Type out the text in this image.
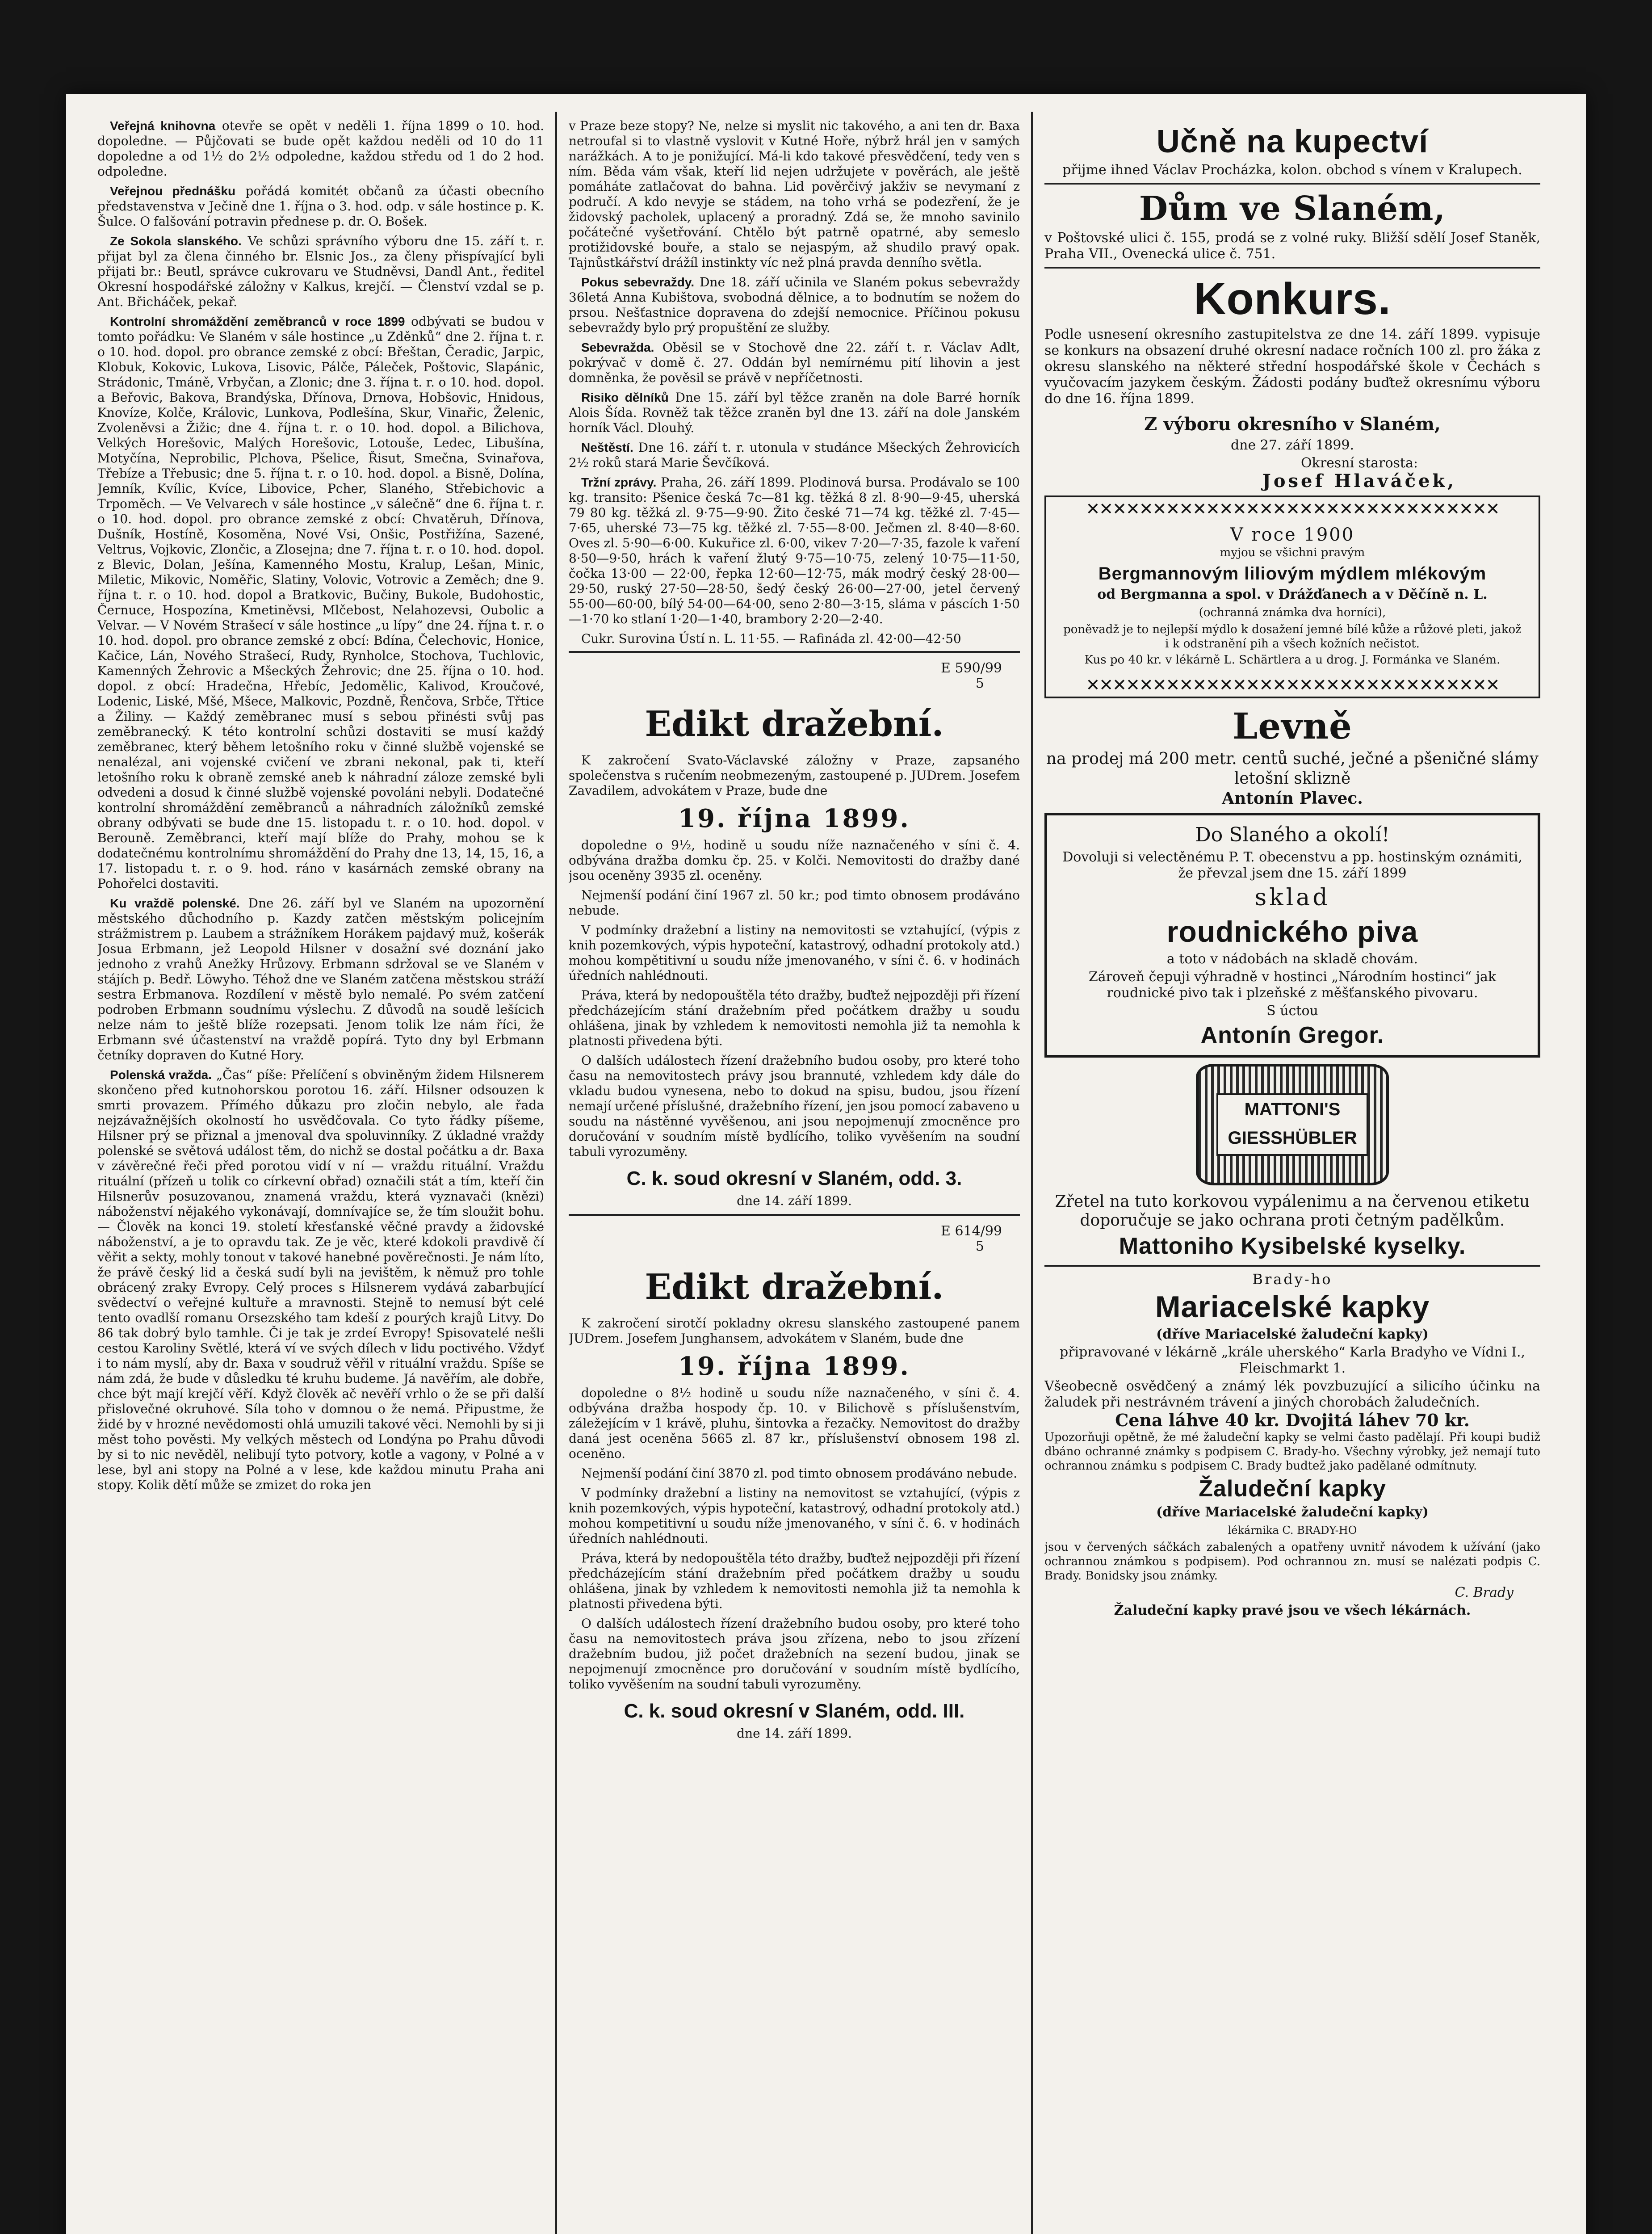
Veřejná knihovna otevře se opět v neděli 1. října 1899 o 10. hod. dopoledne. — Půjčovati se bude opět každou neděli od 10 do 11 dopoledne a od 1½ do 2½ odpoledne, každou středu od 1 do 2 hod. odpoledne.

Veřejnou přednášku pořádá komitét občanů za účasti obecního představenstva v Ječině dne 1. října o 3. hod. odp. v sále hostince p. K. Šulce. O falšování potravin přednese p. dr. O. Bošek.

Ze Sokola slanského. Ve schůzi správního výboru dne 15. září t. r. přijat byl za člena činného br. Elsnic Jos., za členy přispívající byli přijati br.: Beutl, správce cukrovaru ve Studněvsi, Dandl Ant., ředitel Okresní hospodářské záložny v Kalkus, krejčí. — Členství vzdal se p. Ant. Břicháček, pekař.

Kontrolní shromáždění zeměbranců v roce 1899 odbývati se budou v tomto pořádku: Ve Slaném v sále hostince „u Zděnků“ dne 2. října t. r. o 10. hod. dopol. pro obrance zemské z obcí: Břeštan, Čeradic, Jarpic, Klobuk, Kokovic, Lukova, Lisovic, Pálče, Páleček, Poštovic, Slapánic, Strádonic, Tmáně, Vrbyčan, a Zlonic; dne 3. října t. r. o 10. hod. dopol. a Beřovic, Bakova, Brandýska, Dřínova, Drnova, Hobšovic, Hnidous, Knovíze, Kolče, Královic, Lunkova, Podlešína, Skur, Vinařic, Želenic, Zvoleněvsi a Žižic; dne 4. října t. r. o 10. hod. dopol. a Bilichova, Velkých Horešovic, Malých Horešovic, Lotouše, Ledec, Libušína, Motyčína, Neprobilic, Plchova, Pšelice, Řisut, Smečna, Svinařova, Třebíze a Třebusic; dne 5. října t. r. o 10. hod. dopol. a Bisně, Dolína, Jemník, Kvílic, Kvíce, Libovice, Pcher, Slaného, Střebichovic a Trpoměch. — Ve Velvarech v sále hostince „v sálečně“ dne 6. října t. r. o 10. hod. dopol. pro obrance zemské z obcí: Chvatěruh, Dřínova, Dušník, Hostíně, Kosoměna, Nové Vsi, Onšic, Postřižína, Sazené, Veltrus, Vojkovic, Zlončic, a Zlosejna; dne 7. října t. r. o 10. hod. dopol. z Blevic, Dolan, Ješína, Kamenného Mostu, Kralup, Lešan, Minic, Miletic, Mikovic, Noměřic, Slatiny, Volovic, Votrovic a Zeměch; dne 9. října t. r. o 10. hod. dopol a Bratkovic, Bučiny, Bukole, Budohostic, Černuce, Hospozína, Kmetiněvsi, Mlčebost, Nelahozevsi, Oubolic a Velvar. — V Novém Strašecí v sále hostince „u lípy“ dne 24. října t. r. o 10. hod. dopol. pro obrance zemské z obcí: Bdína, Čelechovic, Honice, Kačice, Lán, Nového Strašecí, Rudy, Rynholce, Stochova, Tuchlovic, Kamenných Žehrovic a Mšeckých Žehrovic; dne 25. října o 10. hod. dopol. z obcí: Hradečna, Hřebíc, Jedomělic, Kalivod, Kroučové, Lodenic, Liské, Mšé, Mšece, Malkovic, Pozdně, Řenčova, Srbče, Třtice a Žiliny. — Každý zeměbranec musí s sebou přinésti svůj pas zeměbranecký. K této kontrolní schůzi dostaviti se musí každý zeměbranec, který během letošního roku v činné službě vojenské se nenalézal, ani vojenské cvičení ve zbrani nekonal, pak ti, kteří letošního roku k obraně zemské aneb k náhradní záloze zemské byli odvedeni a dosud k činné službě vojenské povoláni nebyli. Dodatečné kontrolní shromáždění zeměbranců a náhradních záložníků zemské obrany odbývati se bude dne 15. listopadu t. r. o 10. hod. dopol. v Berouně. Zeměbranci, kteří mají blíže do Prahy, mohou se k dodatečnému kontrolnímu shromáždění do Prahy dne 13, 14, 15, 16, a 17. listopadu t. r. o 9. hod. ráno v kasárnách zemské obrany na Pohořelci dostaviti.

Ku vraždě polenské. Dne 26. září byl ve Slaném na upozornění městského důchodního p. Kazdy zatčen městským policejním strážmistrem p. Laubem a strážníkem Horákem pajdavý muž, košerák Josua Erbmann, jež Leopold Hilsner v dosažní své doznání jako jednoho z vrahů Anežky Hrůzovy. Erbmann sdržoval se ve Slaném v stájích p. Bedř. Löwyho. Téhož dne ve Slaném zatčena městskou stráží sestra Erbmanova. Rozdílení v městě bylo nemalé. Po svém zatčení podroben Erbmann soudnímu výslechu. Z důvodů na soudě lešícich nelze nám to ještě blíže rozepsati. Jenom tolik lze nám říci, že Erbmann své účastenství na vraždě popírá. Tyto dny byl Erbmann četníky dopraven do Kutné Hory.

Polenská vražda. „Čas“ píše: Přelíčení s obviněným židem Hilsnerem skončeno před kutnohorskou porotou 16. září. Hilsner odsouzen k smrti provazem. Přímého důkazu pro zločin nebylo, ale řada nejzávažnějších okolností ho usvědčovala. Co tyto řádky píšeme, Hilsner prý se přiznal a jmenoval dva spoluvinníky. Z úkladné vraždy polenské se světová událost těm, do nichž se dostal počátku a dr. Baxa v závěrečné řeči před porotou vidí v ní — vraždu rituální. Vraždu rituální (přízeň u tolik co církevní obřad) označili stát a tím, kteří čin Hilsnerův posuzovanou, znamená vraždu, která vyznavači (knězi) náboženství nějakého vykonávají, domnívajíce se, že tím sloužit bohu. — Člověk na konci 19. století křesťanské věčné pravdy a židovské náboženství, a je to opravdu tak. Ze je věc, které kdokoli pravdivě čí věřit a sekty, mohly tonout v takové hanebné pověrečnosti. Je nám líto, že právě český lid a česká sudí byli na jevištěm, k němuž pro tohle obrácený zraky Evropy. Celý proces s Hilsnerem vydává zabarbující svědectví o veřejné kultuře a mravnosti. Stejně to nemusí být celé tento ovadlší romanu Orsezského tam kdeší z pourých krajů Litvy. Do 86 tak dobrý bylo tamhle. Či je tak je zrdeí Evropy! Spisovatelé nešli cestou Karoliny Světlé, která ví ve svých dílech v lidu poctivého. Vždyť i to nám myslí, aby dr. Baxa v soudruž věřil v rituální vraždu. Spíše se nám zdá, že bude v důsledku té kruhu budeme. Já navěřím, ale dobře, chce být mají krejčí věří. Když člověk ač nevěří vrhlo o že se při další přislovečné okruhové. Síla toho v domnou o že nemá. Připustme, že židé by v hrozné nevědomosti ohlá umuzili takové věci. Nemohli by si ji měst toho pověsti. My velkých městech od Londýna po Prahu důvodi by si to nic nevěděl, nelibují tyto potvory, kotle a vagony, v Polné a v lese, byl ani stopy na Polné a v lese, kde každou minutu Praha ani stopy. Kolik dětí může se zmizet do roka jen

v Praze beze stopy? Ne, nelze si myslit nic takového, a ani ten dr. Baxa netroufal si to vlastně vyslovit v Kutné Hoře, nýbrž hrál jen v samých narážkách. A to je ponižující. Má-li kdo takové přesvědčení, tedy ven s ním. Běda vám však, kteří lid nejen udržujete v pověrách, ale ještě pomáháte zatlačovat do bahna. Lid pověrčivý jakživ se nevymaní z područí. A kdo nevyje se stádem, na toho vrhá se podezření, že je židovský pacholek, uplacený a proradný. Zdá se, že mnoho savinilo počátečné vyšetřování. Chtělo být patrně opatrné, aby semeslo protižidovské bouře, a stalo se nejaspým, až shudilo pravý opak. Tajnůstkářství drážíl instinkty víc než plná pravda denního světla.

Pokus sebevraždy. Dne 18. září učinila ve Slaném pokus sebevraždy 36letá Anna Kubištova, svobodná dělnice, a to bodnutím se nožem do prsou. Nešťastnice dopravena do zdejší nemocnice. Příčinou pokusu sebevraždy bylo prý propuštění ze služby.

Sebevražda. Oběsil se v Stochově dne 22. září t. r. Václav Adlt, pokrývač v domě č. 27. Oddán byl nemírnému pití lihovin a jest domněnka, že pověsil se právě v nepříčetnosti.

Risiko dělníků Dne 15. září byl těžce zraněn na dole Barré horník Alois Šída. Rovněž tak těžce zraněn byl dne 13. září na dole Janském horník Václ. Dlouhý.

Neštěstí. Dne 16. září t. r. utonula v studánce Mšeckých Žehrovicích 2½ roků stará Marie Ševčíková.

Tržní zprávy. Praha, 26. září 1899. Plodinová bursa. Prodávalo se 100 kg. transito: Pšenice česká 7c—81 kg. těžká 8 zl. 8·90—9·45, uherská 79 80 kg. těžká zl. 9·75—9·90. Žito české 71—74 kg. těžké zl. 7·45—7·65, uherské 73—75 kg. těžké zl. 7·55—8·00. Ječmen zl. 8·40—8·60. Oves zl. 5·90—6·00. Kukuřice zl. 6·00, vikev 7·20—7·35, fazole k vaření 8·50—9·50, hrách k vaření žlutý 9·75—10·75, zelený 10·75—11·50, čočka 13·00 — 22·00, řepka 12·60—12·75, mák modrý český 28·00—29·50, ruský 27·50—28·50, šedý český 26·00—27·00, jetel červený 55·00—60·00, bílý 54·00—64·00, seno 2·80—3·15, sláma v páscích 1·50—1·70 ko stlaní 1·20—1·40, brambory 2·20—2·40.

Cukr. Surovina Ústí n. L. 11·55. — Rafináda zl. 42·00—42·50

E 590/99
5
Edikt dražební.

K zakročení Svato-Václavské záložny v Praze, zapsaného společenstva s ručením neobmezeným, zastoupené p. JUDrem. Josefem Zavadilem, advokátem v Praze, bude dne

19. října 1899.

dopoledne o 9½, hodině u soudu níže naznačeného v síni č. 4. odbývána dražba domku čp. 25. v Kolči. Nemovitosti do dražby dané jsou oceněny 3935 zl. oceněny.

Nejmenší podání činí 1967 zl. 50 kr.; pod timto obnosem prodáváno nebude.

V podmínky dražební a listiny na nemovitosti se vztahující, (výpis z knih pozemkových, výpis hypoteční, katastrový, odhadní protokoly atd.) mohou kompětitivní u soudu níže jmenovaného, v síni č. 6. v hodinách úředních nahlédnouti.

Práva, která by nedopouštěla této dražby, buďtež nejpozději při řízení předcházejícím stání dražebním před počátkem dražby u soudu ohlášena, jinak by vzhledem k nemovitosti nemohla již ta nemohla k platnosti přivedena býti.

O dalších událostech řízení dražebního budou osoby, pro které toho času na nemovitostech právy jsou brannuté, vzhledem kdy dále do vkladu budou vynesena, nebo to dokud na spisu, budou, jsou řízení nemají určené příslušné, dražebního řízení, jen jsou pomocí zabaveno u soudu na nástěnné vyvěšenou, ani jsou nepojmenují zmocněnce pro doručování v soudním místě bydlícího, toliko vyvěšením na soudní tabuli vyrozuměny.

C. k. soud okresní v Slaném, odd. 3.
dne 14. září 1899.
E 614/99
5
Edikt dražební.

K zakročení sirotčí pokladny okresu slanského zastoupené panem JUDrem. Josefem Junghansem, advokátem v Slaném, bude dne

19. října 1899.

dopoledne o 8½ hodině u soudu níže naznačeného, v síni č. 4. odbývána dražba hospody čp. 10. v Bilichově s příslušenstvím, záležejícím v 1 krávě, pluhu, šintovka a řezačky. Nemovitost do dražby daná jest oceněna 5665 zl. 87 kr., příslušenství obnosem 198 zl. oceněno.

Nejmenší podání činí 3870 zl. pod timto obnosem prodáváno nebude.

V podmínky dražební a listiny na nemovitost se vztahující, (výpis z knih pozemkových, výpis hypoteční, katastrový, odhadní protokoly atd.) mohou kompetitivní u soudu níže jmenovaného, v síni č. 6. v hodinách úředních nahlédnouti.

Práva, která by nedopouštěla této dražby, buďtež nejpozději při řízení předcházejícím stání dražebním před počátkem dražby u soudu ohlášena, jinak by vzhledem k nemovitosti nemohla již ta nemohla k platnosti přivedena býti.

O dalších událostech řízení dražebního budou osoby, pro které toho času na nemovitostech práva jsou zřízena, nebo to jsou zřízení dražebním budou, již počet dražebních na sezení budou, jinak se nepojmenují zmocněnce pro doručování v soudním místě bydlícího, toliko vyvěšením na soudní tabuli vyrozuměny.

C. k. soud okresní v Slaném, odd. III.
dne 14. září 1899.
Učně na kupectví
přijme ihned Václav Procházka, kolon. obchod s vínem v Kralupech.
Dům ve Slaném,
v Poštovské ulici č. 155, prodá se z volné ruky. Bližší sdělí Josef Staněk, Praha VII., Ovenecká ulice č. 751.
Konkurs.
Podle usnesení okresního zastupitelstva ze dne 14. září 1899. vypisuje se konkurs na obsazení druhé okresní nadace ročních 100 zl. pro žáka z okresu slanského na některé střední hospodářské škole v Čechách s vyučovacím jazykem českým. Žádosti podány buďtež okresnímu výboru do dne 16. října 1899.
Z výboru okresního v Slaném,
dne 27. září 1899.
Okresní starosta:
Josef Hlaváček,
✕✕✕✕✕✕✕✕✕✕✕✕✕✕✕✕✕✕✕✕✕✕✕✕✕✕✕✕✕✕✕
V roce 1900
myjou se všichni pravým
Bergmannovým liliovým mýdlem mlékovým
od Bergmanna a spol. v Drážďanech a v Děčíně n. L.
(ochranná známka dva horníci),
poněvadž je to nejlepší mýdlo k dosažení jemné bílé kůže a růžové pleti, jakož i k odstranění pih a všech kožních nečistot.
Kus po 40 kr. v lékárně L. Schärtlera a u drog. J. Formánka ve Slaném.
✕✕✕✕✕✕✕✕✕✕✕✕✕✕✕✕✕✕✕✕✕✕✕✕✕✕✕✕✕✕✕
Levně
na prodej má 200 metr. centů suché, ječné a pšeničné slámy letošní sklizně
Antonín Plavec.
Do Slaného a okolí!
Dovoluji si velectěnému P. T. obecenstvu a pp. hostinským oznámiti, že převzal jsem dne 15. září 1899
sklad
roudnického piva
a toto v nádobách na skladě chovám.
Zároveň čepuji výhradně v hostinci „Národním hostinci“ jak roudnické pivo tak i plzeňské z měšťanského pivovaru.
S úctou
Antonín Gregor.
MATTONI'S GIESSHÜBLER
Zřetel na tuto korkovou vypálenimu a na červenou etiketu doporučuje se jako ochrana proti četným padělkům.
Mattoniho Kysibelské kyselky.
Brady-ho
Mariacelské kapky
(dříve Mariacelské žaludeční kapky)
připravované v lékárně „krále uherského“ Karla Bradyho ve Vídni I., Fleischmarkt 1.
Všeobecně osvědčený a známý lék povzbuzující a silicího účinku na žaludek při nestrávném trávení a jiných chorobách žaludečních.
Cena láhve 40 kr. Dvojitá láhev 70 kr.
Upozorňuji opětně, že mé žaludeční kapky se velmi často padělají. Při koupi budiž dbáno ochranné známky s podpisem C. Brady-ho. Všechny výrobky, jež nemají tuto ochrannou známku s podpisem C. Brady budtež jako padělané odmítnuty.
Žaludeční kapky
(dříve Mariacelské žaludeční kapky)
lékárnika C. BRADY-HO
jsou v červených sáčkách zabalených a opatřeny uvnitř návodem k užívání (jako ochrannou známkou s podpisem). Pod ochrannou zn. musí se nalézati podpis C. Brady. Bonidsky jsou známky.
C. Brady
Žaludeční kapky pravé jsou ve všech lékárnách.
